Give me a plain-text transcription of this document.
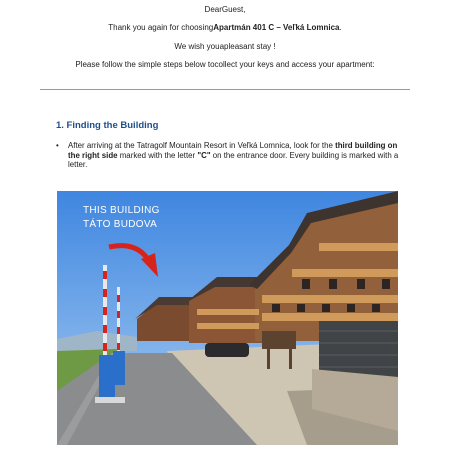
DearGuest,
Thank you again for choosingApartmán 401 C – Veľká Lomnica.
We wish youapleasant stay !
Please follow the simple steps below tocollect your keys and access your apartment:
1. Finding the Building
• After arriving at the Tatragolf Mountain Resort in Veľká Lomnica, look for the third building on the right side marked with the letter "C" on the entrance door. Every building is marked with a letter.
THIS BUILDING
TÁTO BUDOVA
